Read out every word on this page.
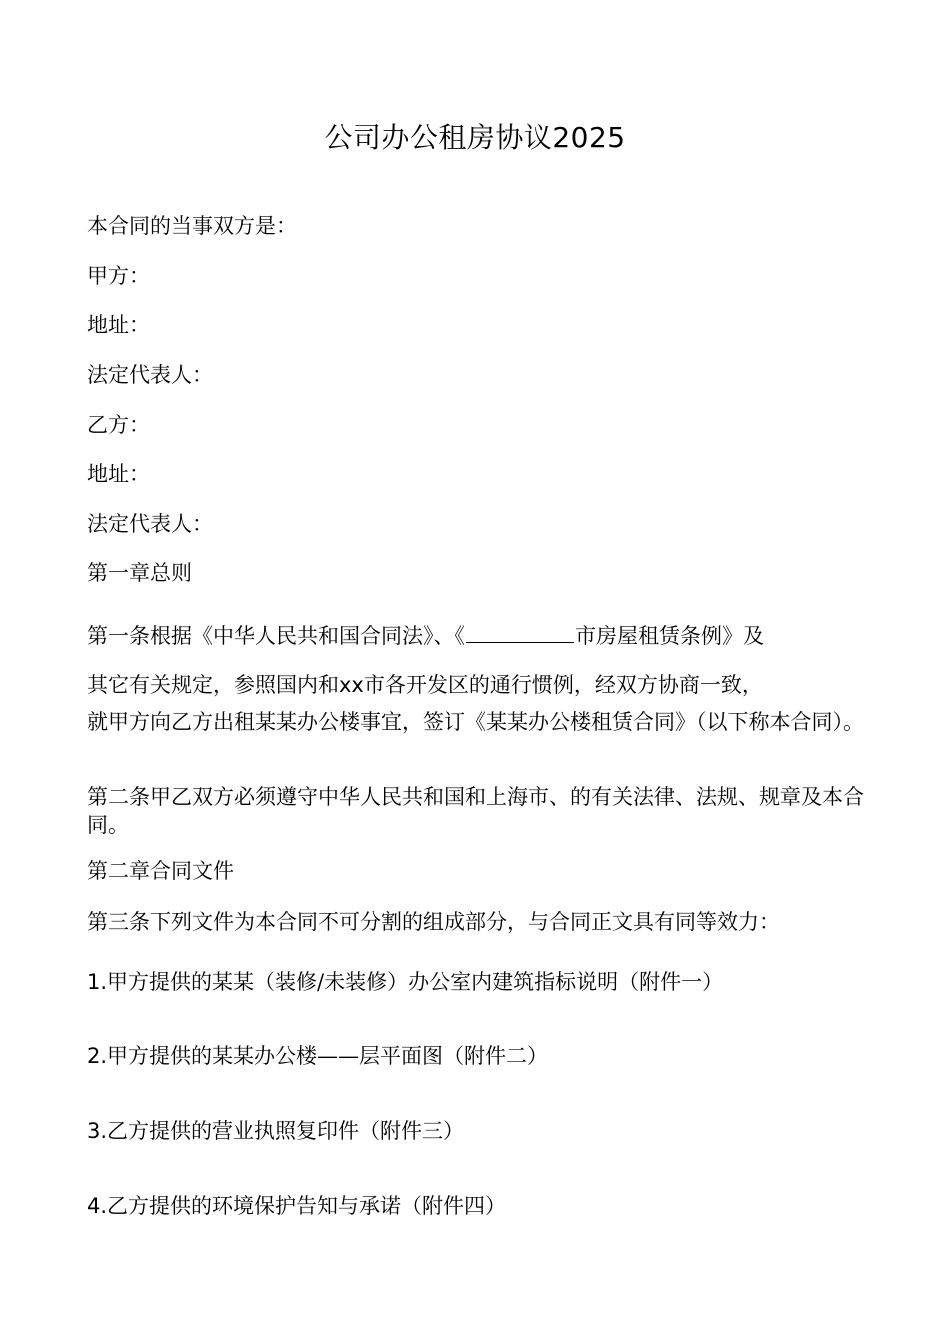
公司办公租房协议2025
本合同的当事双方是：
甲方：
地址：
法定代表人：
乙方：
地址：
法定代表人：
第一章总则
第一条根据《中华人民共和国合同法》、《	市房屋租赁条例》及
其它有关规定，参照国内和xx市各开发区的通行惯例，经双方协商一致，

就甲方向乙方出租某某办公楼事宜，签订《某某办公楼租赁合同》（以下称本合同）。

第二条甲乙双方必须遵守中华人民共和国和上海市、的有关法律、法规、规章及本合同。

第二章合同文件
第三条下列文件为本合同不可分割的组成部分，与合同正文具有同等效力：
1.甲方提供的某某（装修/未装修）办公室内建筑指标说明（附件一）
2.甲方提供的某某办公楼——层平面图（附件二）
3.乙方提供的营业执照复印件（附件三）
4.乙方提供的环境保护告知与承诺（附件四）
